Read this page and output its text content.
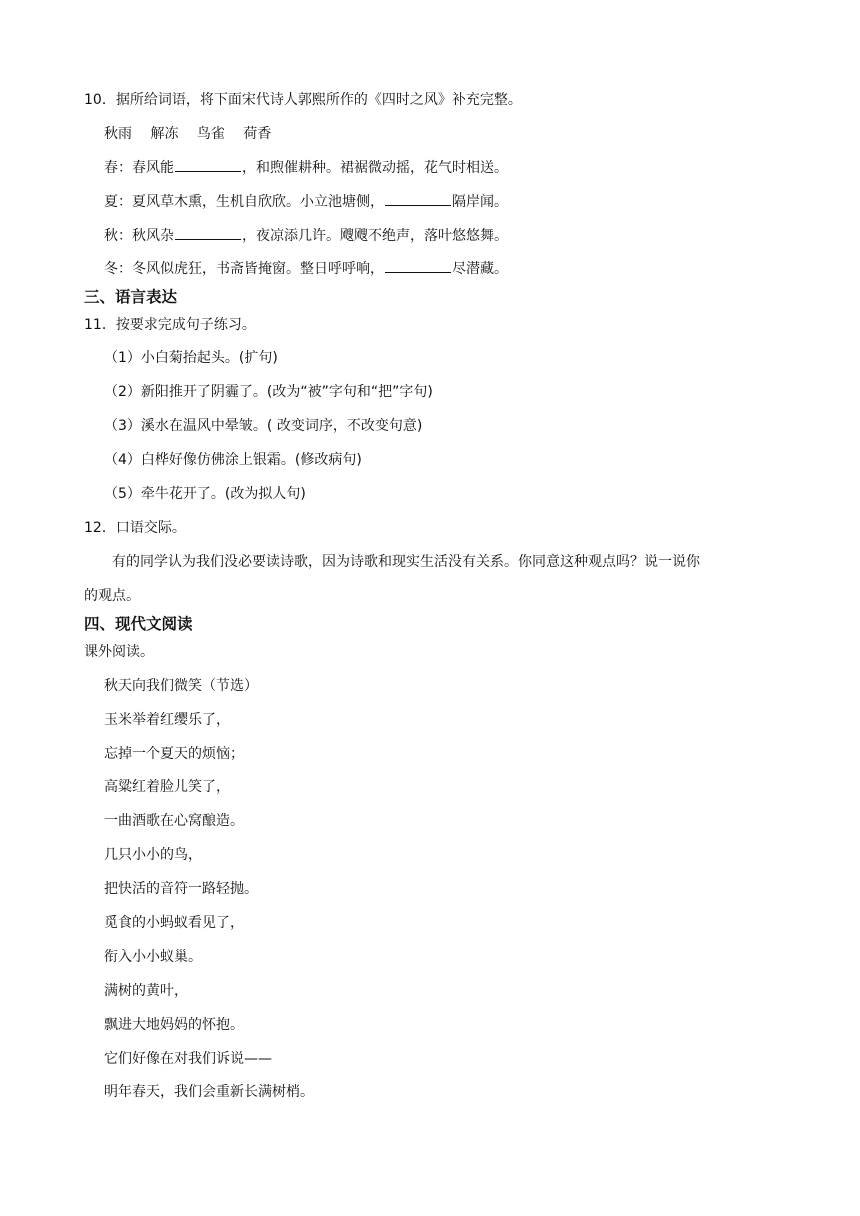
10．据所给词语，将下面宋代诗人郭熙所作的《四时之风》补充完整。
秋雨　 解冻　 鸟雀　 荷香
春：春风能	，和煦催耕种。裙裾微动摇，花气时相送。
夏：夏风草木熏，生机自欣欣。小立池塘侧，	隔岸闻。
秋：秋风杂	，夜凉添几许。飕飕不绝声，落叶悠悠舞。
冬：冬风似虎狂，书斋皆掩窗。整日呼呼响，	尽潜藏。
三、语言表达
11．按要求完成句子练习。
（1）小白菊抬起头。(扩句)
（2）新阳推开了阴霾了。(改为“被”字句和“把”字句)
（3）溪水在温风中晕皱。( 改变词序，不改变句意)
（4）白桦好像仿佛涂上银霜。(修改病句)
（5）牵牛花开了。(改为拟人句)
12．口语交际。
有的同学认为我们没必要读诗歌，因为诗歌和现实生活没有关系。你同意这种观点吗？说一说你
的观点。
四、现代文阅读
课外阅读。
秋天向我们微笑（节选）
玉米举着红缨乐了，
忘掉一个夏天的烦恼；
高粱红着脸儿笑了，
一曲酒歌在心窝酿造。
几只小小的鸟，
把快活的音符一路轻抛。
觅食的小蚂蚁看见了，
衔入小小蚁巢。
满树的黄叶，
飘进大地妈妈的怀抱。
它们好像在对我们诉说——
明年春天，我们会重新长满树梢。
